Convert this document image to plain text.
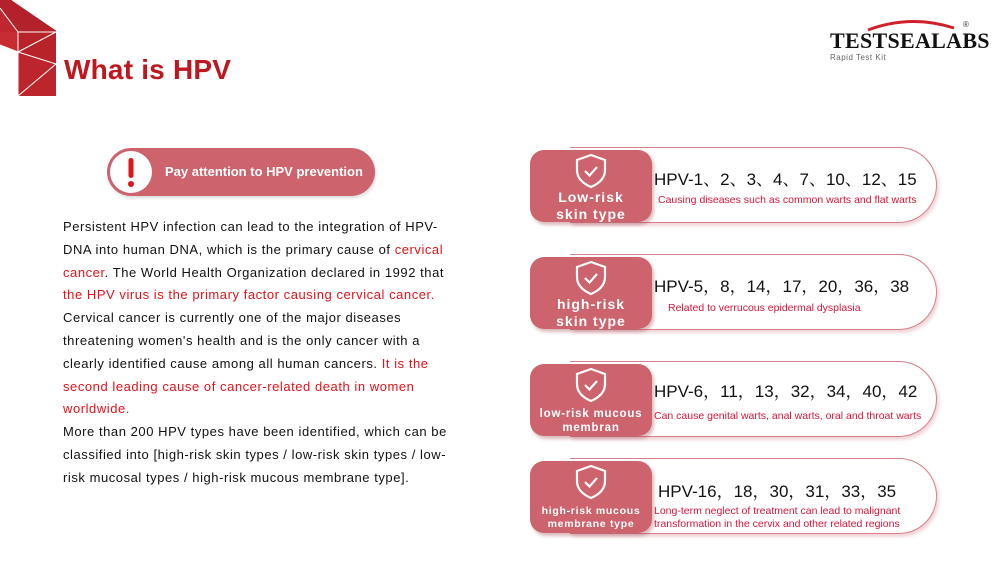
What is HPV
TESTSEALABS
®
Rapid Test Kit
Pay attention to HPV prevention
Persistent HPV infection can lead to the integration of HPV-DNA into human DNA, which is the primary cause of cervical cancer. The World Health Organization declared in 1992 that the HPV virus is the primary factor causing cervical cancer.
Cervical cancer is currently one of the major diseases threatening women's health and is the only cancer with a clearly identified cause among all human cancers. It is the second leading cause of cancer-related death in women worldwide.
More than 200 HPV types have been identified, which can be classified into [high-risk skin types / low-risk skin types / low-risk mucosal types / high-risk mucous membrane type].
Low-risk
skin type
HPV-1、2、3、4、7、10、12、15
Causing diseases such as common warts and flat warts
high-risk
skin type
HPV-5，8，14，17，20，36，38
Related to verrucous epidermal dysplasia
low-risk mucous
membran
HPV-6，11，13，32，34，40，42
Can cause genital warts, anal warts, oral and throat warts
high-risk mucous
membrane type
HPV-16，18，30，31，33，35
Long-term neglect of treatment can lead to malignant
transformation in the cervix and other related regions
